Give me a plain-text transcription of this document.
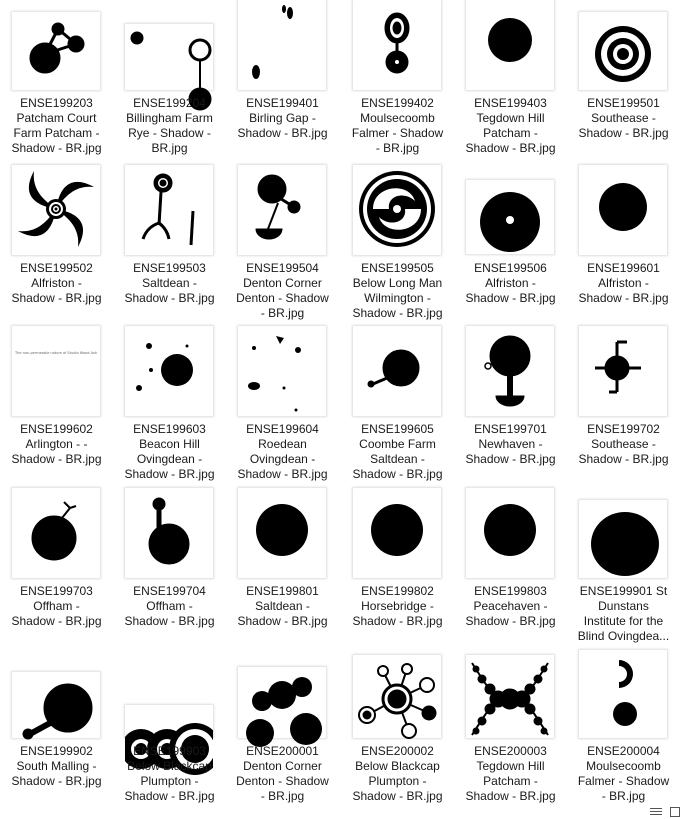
ENSE199203
Patcham Court
Farm Patcham -
Shadow - BR.jpg
ENSE199204
Billingham Farm
Rye - Shadow -
BR.jpg
ENSE199401
Birling Gap -
Shadow - BR.jpg
ENSE199402
Moulsecoomb
Falmer - Shadow
- BR.jpg
ENSE199403
Tegdown Hill
Patcham -
Shadow - BR.jpg
ENSE199501
Southease -
Shadow - BR.jpg
ENSE199502
Alfriston -
Shadow - BR.jpg
ENSE199503
Saltdean -
Shadow - BR.jpg
ENSE199504
Denton Corner
Denton - Shadow
- BR.jpg
ENSE199505
Below Long Man
Wilmington -
Shadow - BR.jpg
ENSE199506
Alfriston -
Shadow - BR.jpg
ENSE199601
Alfriston -
Shadow - BR.jpg
The non-permeable nature of Studio Wood Ash
ENSE199602
Arlington - -
Shadow - BR.jpg
ENSE199603
Beacon Hill
Ovingdean -
Shadow - BR.jpg
ENSE199604
Roedean
Ovingdean -
Shadow - BR.jpg
ENSE199605
Coombe Farm
Saltdean -
Shadow - BR.jpg
ENSE199701
Newhaven -
Shadow - BR.jpg
ENSE199702
Southease -
Shadow - BR.jpg
ENSE199703
Offham -
Shadow - BR.jpg
ENSE199704
Offham -
Shadow - BR.jpg
ENSE199801
Saltdean -
Shadow - BR.jpg
ENSE199802
Horsebridge -
Shadow - BR.jpg
ENSE199803
Peacehaven -
Shadow - BR.jpg
ENSE199901 St
Dunstans
Institute for the
Blind Ovingdea...
ENSE199902
South Malling -
Shadow - BR.jpg
ENSE199903
Below Blackcap
Plumpton -
Shadow - BR.jpg
ENSE200001
Denton Corner
Denton - Shadow
- BR.jpg
ENSE200002
Below Blackcap
Plumpton -
Shadow - BR.jpg
ENSE200003
Tegdown Hill
Patcham -
Shadow - BR.jpg
ENSE200004
Moulsecoomb
Falmer - Shadow
- BR.jpg
